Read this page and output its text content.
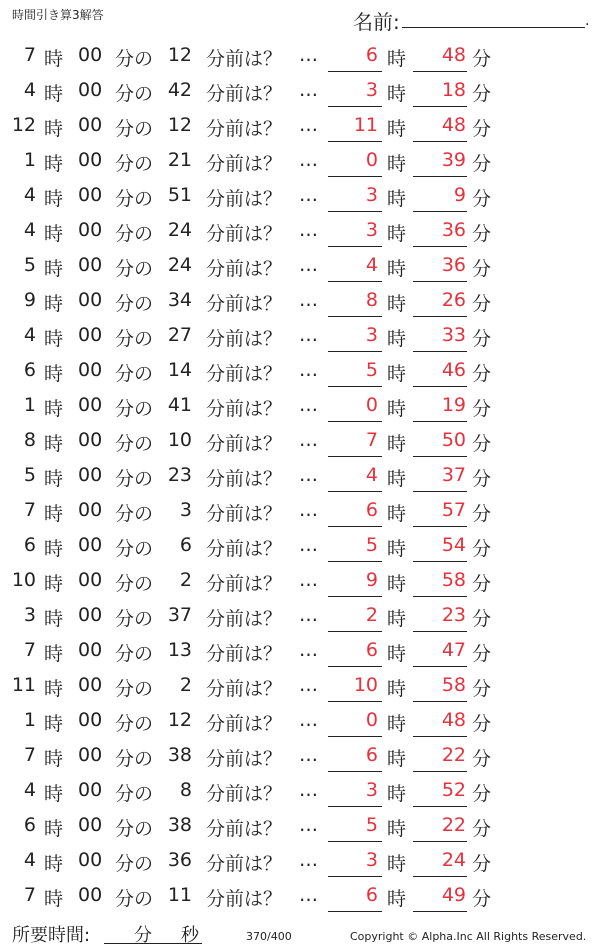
時間引き算3解答	名前:	.
7 時 00 分の 12 分前は？ … 6 時 48 分
4 時 00 分の 42 分前は？ … 3 時 18 分
12 時 00 分の 12 分前は？ … 11 時 48 分
1 時 00 分の 21 分前は？ … 0 時 39 分
4 時 00 分の 51 分前は？ … 3 時	9 分
4 時 00 分の 24 分前は？ … 3 時 36 分
5 時 00 分の 24 分前は？ … 4 時 36 分
9 時 00 分の 34 分前は？ … 8 時 26 分
4 時 00 分の 27 分前は？ … 3 時 33 分
6 時 00 分の 14 分前は？ … 5 時 46 分
1 時 00 分の 41 分前は？ … 0 時 19 分
8 時 00 分の 10 分前は？ … 7 時 50 分
5 時 00 分の 23 分前は？ … 4 時 37 分
7 時 00 分の 3 分前は？ … 6 時 57 分
6 時 00 分の 6 分前は？ … 5 時 54 分
10 時 00 分の 2 分前は？ … 9 時 58 分
3 時 00 分の 37 分前は？ … 2 時 23 分
7 時 00 分の 13 分前は？ … 6 時 47 分
11 時 00 分の 2 分前は？ … 10 時 58 分
1 時 00 分の 12 分前は？ … 0 時 48 分
7 時 00 分の 38 分前は？ … 6 時 22 分
4 時 00 分の 8 分前は？ … 3 時 52 分
6 時 00 分の 38 分前は？ … 5 時 22 分
4 時 00 分の 36 分前は？ … 3 時 24 分
7 時 00 分の 11 分前は？ … 6 時 49 分
所要時間: 分 秒	370/400	Copyright © Alpha.Inc All Rights Reserved.
